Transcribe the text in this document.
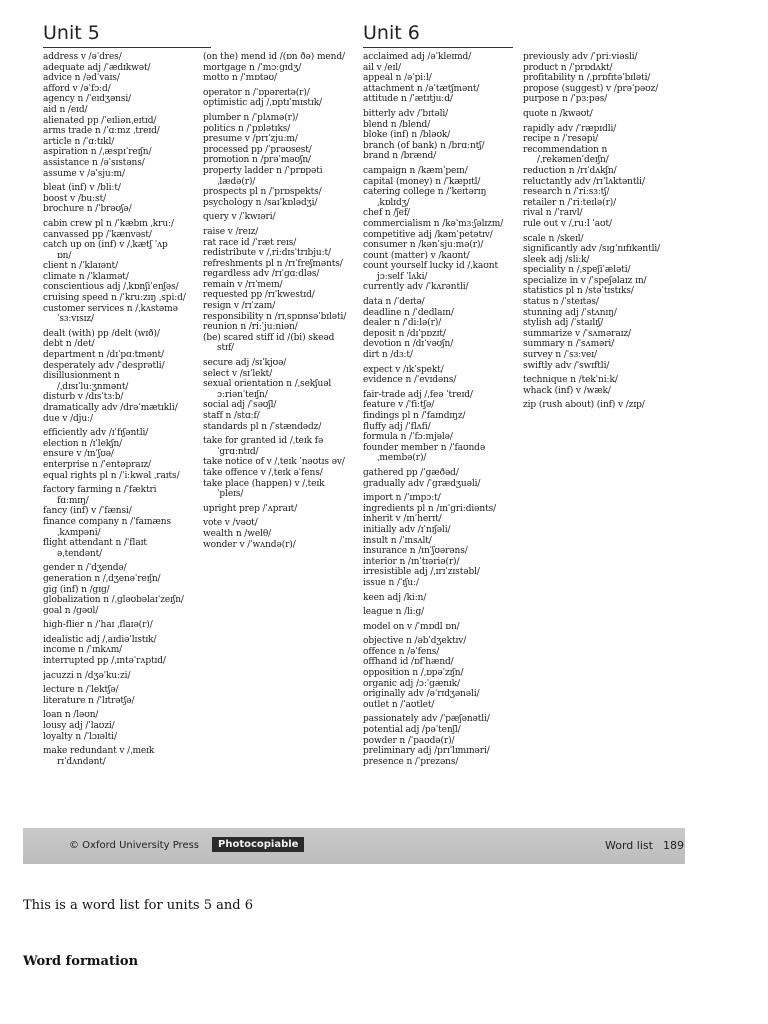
Unit 5	Unit 6
address v /əˈdres/
adequate adj /ˈædɪkwət/
advice n /ədˈvaɪs/
afford v /əˈfɔːd/
agency n /ˈeɪdʒənsi/
aid n /eɪd/
alienated pp /ˈeɪliənˌeɪtɪd/
arms trade n /ˈɑːmz ˌtreɪd/
article n /ˈɑːtɪkl/
aspiration n /ˌæspɪˈreɪʃn/
assistance n /əˈsɪstəns/
assume v /əˈsjuːm/
bleat (inf) v /bliːt/
boost v /buːst/
brochure n /ˈbrəʊʃə/
cabin crew pl n /ˈkæbɪn ˌkruː/
canvassed pp /ˈkænvəst/
catch up on (inf) v /ˌkætʃ ˈʌp
ɒn/
client n /ˈklaɪənt/
climate n /ˈklaɪmət/
conscientious adj /ˌkɒnʃiˈenʃəs/
cruising speed n /ˈkruːzɪŋ ˌspiːd/
customer services n /ˌkʌstəmə
ˈsɜːvɪsɪz/
dealt (with) pp /delt (wɪð)/
debt n /det/
department n /dɪˈpɑːtmənt/
desperately adv /ˈdesprətli/
disillusionment n
/ˌdɪsɪˈluːʒnmənt/
disturb v /dɪsˈtɜːb/
dramatically adv /drəˈmætɪkli/
due v /djuː/
efficiently adv /ɪˈfɪʃəntli/
election n /ɪˈlekʃn/
ensure v /ɪnˈʃʊə/
enterprise n /ˈentəpraɪz/
equal rights pl n /ˈiːkwəl ˌraɪts/
factory farming n /ˈfæktri
fɑːmɪŋ/
fancy (inf) v /ˈfænsi/
finance company n /ˈfaɪnæns
ˌkʌmpəni/
flight attendant n /ˈflaɪt
əˌtendənt/
gender n /ˈdʒendə/
generation n /ˌdʒenəˈreɪʃn/
gig (inf) n /gɪg/
globalization n /ˌgləʊbəlaɪˈzeɪʃn/
goal n /gəʊl/
high-flier n /ˈhaɪ ˌflaɪə(r)/
idealistic adj /ˌaɪdiəˈlɪstɪk/
income n /ˈɪnkʌm/
interrupted pp /ˌɪntəˈrʌptɪd/
jacuzzi n /dʒəˈkuːzi/
lecture n /ˈlektʃə/
literature n /ˈlɪtrətʃə/
loan n /ləʊn/
lousy adj /ˈlaʊzi/
loyalty n /ˈlɔɪəlti/
make redundant v /ˌmeɪk
rɪˈdʌndənt/
(on the) mend id /(ɒn ðə) mend/
mortgage n /ˈmɔːgɪdʒ/
motto n /ˈmɒtəʊ/
operator n /ˈɒpəreɪtə(r)/
optimistic adj /ˌɒptɪˈmɪstɪk/
plumber n /ˈplʌmə(r)/
politics n /ˈpɒlətɪks/
presume v /prɪˈzjuːm/
processed pp /ˈprəʊsest/
promotion n /prəˈməʊʃn/
property ladder n /ˈprɒpəti
ˌlædə(r)/
prospects pl n /ˈprɒspekts/
psychology n /saɪˈkɒlədʒi/
query v /ˈkwɪəri/
raise v /reɪz/
rat race id /ˈræt reɪs/
redistribute v /ˌriːdɪsˈtrɪbjuːt/
refreshments pl n /rɪˈfreʃmənts/
regardless adv /rɪˈgɑːdləs/
remain v /rɪˈmeɪn/
requested pp /rɪˈkwestɪd/
resign v /rɪˈzaɪn/
responsibility n /rɪˌspɒnsəˈbɪləti/
reunion n /riːˈjuːniən/
(be) scared stiff id /(bi) skeəd
stɪf/
secure adj /sɪˈkjʊə/
select v /sɪˈlekt/
sexual orientation n /ˌsekʃuəl
ɔːriənˈteɪʃn/
social adj /ˈsəʊʃl/
staff n /stɑːf/
standards pl n /ˈstændədz/
take for granted id /ˌteɪk fə
ˈgrɑːntɪd/
take notice of v /ˌteɪk ˈnəʊtɪs əv/
take offence v /ˌteɪk əˈfens/
take place (happen) v /ˌteɪk
ˈpleɪs/
upright prep /ˈʌpraɪt/
vote v /vəʊt/
wealth n /welθ/
wonder v /ˈwʌndə(r)/
acclaimed adj /əˈkleɪmd/
ail v /eɪl/
appeal n /əˈpiːl/
attachment n /əˈtætʃmənt/
attitude n /ˈætɪtjuːd/
bitterly adv /ˈbɪtəli/
blend n /blend/
bloke (inf) n /bləʊk/
branch (of bank) n /brɑːntʃ/
brand n /brænd/
campaign n /kæmˈpeɪn/
capital (money) n /ˈkæpɪtl/
catering college n /ˈkeɪtərɪŋ
ˌkɒlɪdʒ/
chef n /ʃef/
commercialism n /kəˈmɜːʃəlɪzm/
competitive adj /kəmˈpetətɪv/
consumer n /kənˈsjuːmə(r)/
count (matter) v /kaʊnt/
count yourself lucky id /ˌkaʊnt
jɔːself ˈlʌki/
currently adv /ˈkʌrəntli/
data n /ˈdeɪtə/
deadline n /ˈdedlaɪn/
dealer n /ˈdiːlə(r)/
deposit n /dɪˈpɒzɪt/
devotion n /dɪˈvəʊʃn/
dirt n /dɜːt/
expect v /ɪkˈspekt/
evidence n /ˈevɪdəns/
fair-trade adj /ˌfeə ˈtreɪd/
feature v /ˈfiːtʃə/
findings pl n /ˈfaɪndɪŋz/
fluffy adj /ˈflʌfi/
formula n /ˈfɔːmjələ/
founder member n /ˈfaʊndə
ˌmembə(r)/
gathered pp /ˈgæðəd/
gradually adv /ˈgrædʒuəli/
import n /ˈɪmpɔːt/
ingredients pl n /ɪnˈgriːdiənts/
inherit v /ɪnˈherɪt/
initially adv /ɪˈnɪʃəli/
insult n /ˈɪnsʌlt/
insurance n /ɪnˈʃʊərəns/
interior n /ɪnˈtɪəriə(r)/
irresistible adj /ˌɪrɪˈzɪstəbl/
issue n /ˈɪʃuː/
keen adj /kiːn/
league n /liːg/
model on v /ˈmɒdl ɒn/
objective n /əbˈdʒektɪv/
offence n /əˈfens/
offhand id /ɒfˈhænd/
opposition n /ˌɒpəˈzɪʃn/
organic adj /ɔːˈgænɪk/
originally adv /əˈrɪdʒənəli/
outlet n /ˈaʊtlet/
passionately adv /ˈpæʃənətli/
potential adj /pəˈtenʃl/
powder n /ˈpaʊdə(r)/
preliminary adj /prɪˈlɪmɪnəri/
presence n /ˈprezəns/
previously adv /ˈpriːviəsli/
product n /ˈprɒdʌkt/
profitability n /ˌprɒfɪtəˈbɪləti/
propose (suggest) v /prəˈpəʊz/
purpose n /ˈpɜːpəs/
quote n /kwəʊt/
rapidly adv /ˈræpɪdli/
recipe n /ˈresəpi/
recommendation n
/ˌrekəmenˈdeɪʃn/
reduction n /rɪˈdʌkʃn/
reluctantly adv /rɪˈlʌktəntli/
research n /ˈriːsɜːtʃ/
retailer n /ˈriːteɪlə(r)/
rival n /ˈraɪvl/
rule out v /ˌruːl ˈaʊt/
scale n /skeɪl/
significantly adv /sɪgˈnɪfɪkəntli/
sleek adj /sliːk/
speciality n /ˌspeʃiˈæləti/
specialize in v /ˈspeʃəlaɪz ɪn/
statistics pl n /stəˈtɪstɪks/
status n /ˈsteɪtəs/
stunning adj /ˈstʌnɪŋ/
stylish adj /ˈstaɪlɪʃ/
summarize v /ˈsʌməraɪz/
summary n /ˈsʌməri/
survey n /ˈsɜːveɪ/
swiftly adv /ˈswɪftli/
technique n /tekˈniːk/
whack (inf) v /wæk/
zip (rush about) (inf) v /zɪp/
© Oxford University Press	Photocopiable	Word list 189
This is a word list for units 5 and 6
Word formation
